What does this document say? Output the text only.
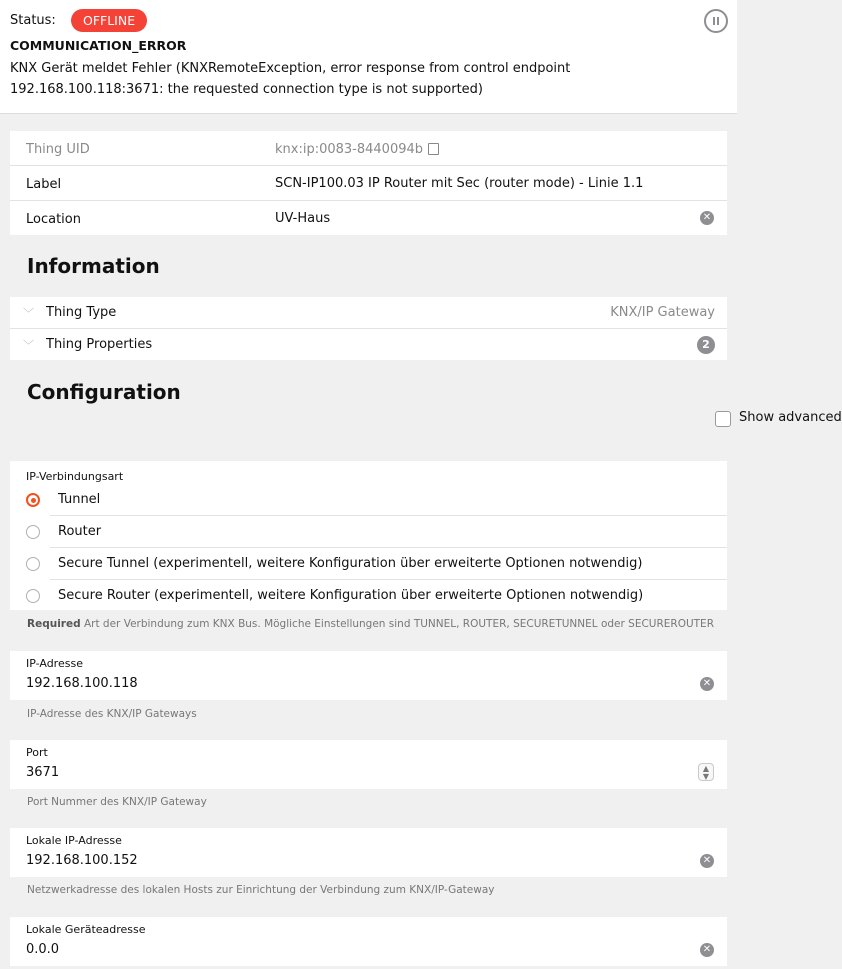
Status:	OFFLINE
COMMUNICATION_ERROR
KNX Gerät meldet Fehler (KNXRemoteException, error response from control endpoint 192.168.100.118:3671: the requested connection type is not supported)
Thing UID	knx:ip:0083-8440094b
Label	SCN-IP100.03 IP Router mit Sec (router mode) - Linie 1.1
Location	UV-Haus	✕
Information
﹀ Thing Type	KNX/IP Gateway
﹀ Thing Properties	2
Configuration
Show advanced
IP-Verbindungsart
Tunnel
Router
Secure Tunnel (experimentell, weitere Konfiguration über erweiterte Optionen notwendig)
Secure Router (experimentell, weitere Konfiguration über erweiterte Optionen notwendig)
Required Art der Verbindung zum KNX Bus. Mögliche Einstellungen sind TUNNEL, ROUTER, SECURETUNNEL oder SECUREROUTER
IP-Adresse
192.168.100.118	✕
IP-Adresse des KNX/IP Gateways
Port
3671	▲
▼
Port Nummer des KNX/IP Gateway
Lokale IP-Adresse
192.168.100.152	✕
Netzwerkadresse des lokalen Hosts zur Einrichtung der Verbindung zum KNX/IP-Gateway
Lokale Geräteadresse
0.0.0	✕
